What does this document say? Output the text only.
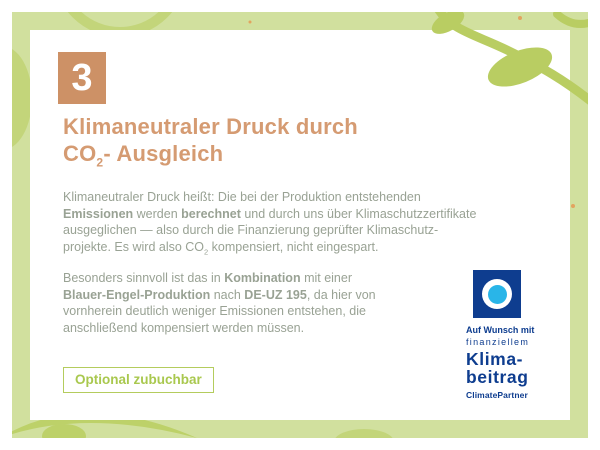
3
Klimaneutraler Druck durch
$CO_2-$ Ausgleich
Klimaneutraler Druck heißt: Die bei der Produktion entstehenden
Emissionen werden berechnet und durch uns über Klimaschutzzertifikate
ausgeglichen — also durch die Finanzierung geprüfter Klimaschutz-
projekte. Es wird also $CO_2$ kompensiert, nicht eingespart.
Besonders sinnvoll ist das in Kombination mit einer
Blauer-Engel-Produktion nach DE-UZ 195, da hier von
vornherein deutlich weniger Emissionen entstehen, die
anschließend kompensiert werden müssen.
Optional zubuchbar
Auf Wunsch mit
finanziellem
Klima-
beitrag
ClimatePartner
